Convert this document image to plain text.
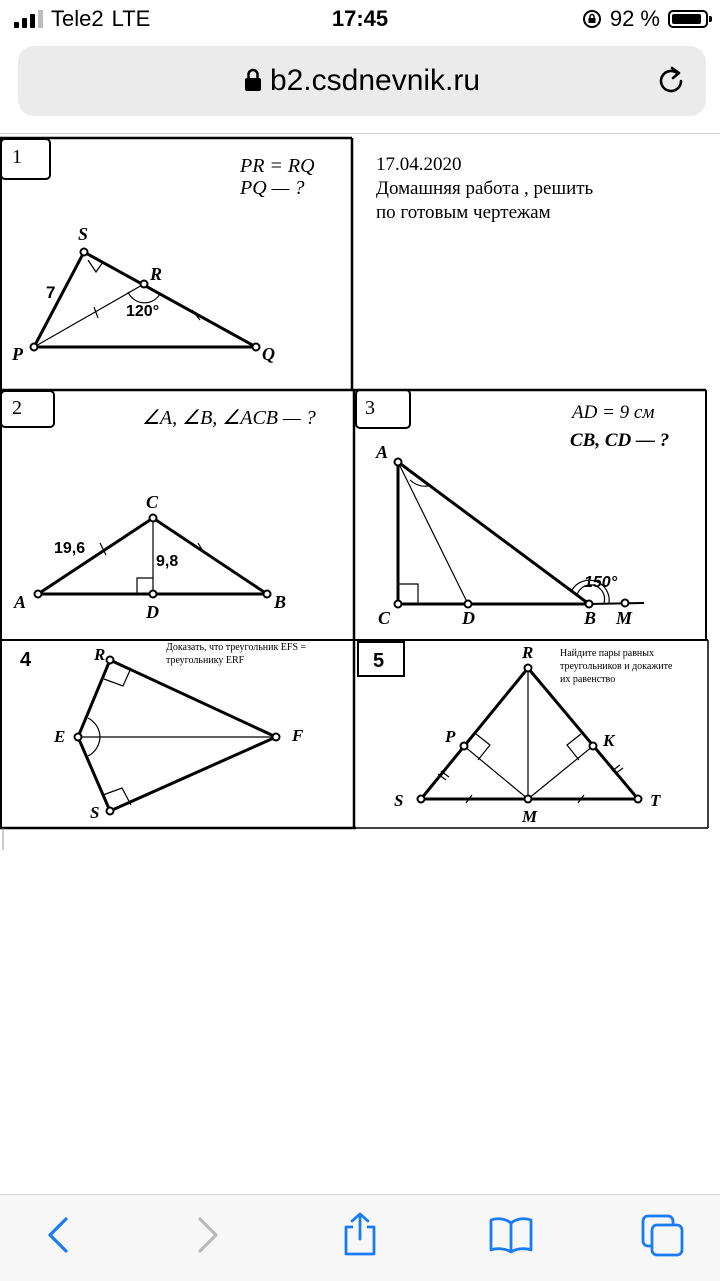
Tele2 LTE	17:45	92 %
b2.csdnevnik.ru
1	PR = RQ
PQ — ?
S
R
P	Q
7
120°
17.04.2020
Домашняя работа , решить
по готовым чертежам
2	∠A, ∠B, ∠ACB — ?
C
A	B
D
19,6
9,8
3	AD = 9 см
CB, CD — ?
A
C	D	B M
150°
4
Доказать, что треугольник EFS =
треугольнику ERF
R
E	F
S
5	Найдите пары равных
треугольников и докажите
их равенство
R
P	K
S	T
M
